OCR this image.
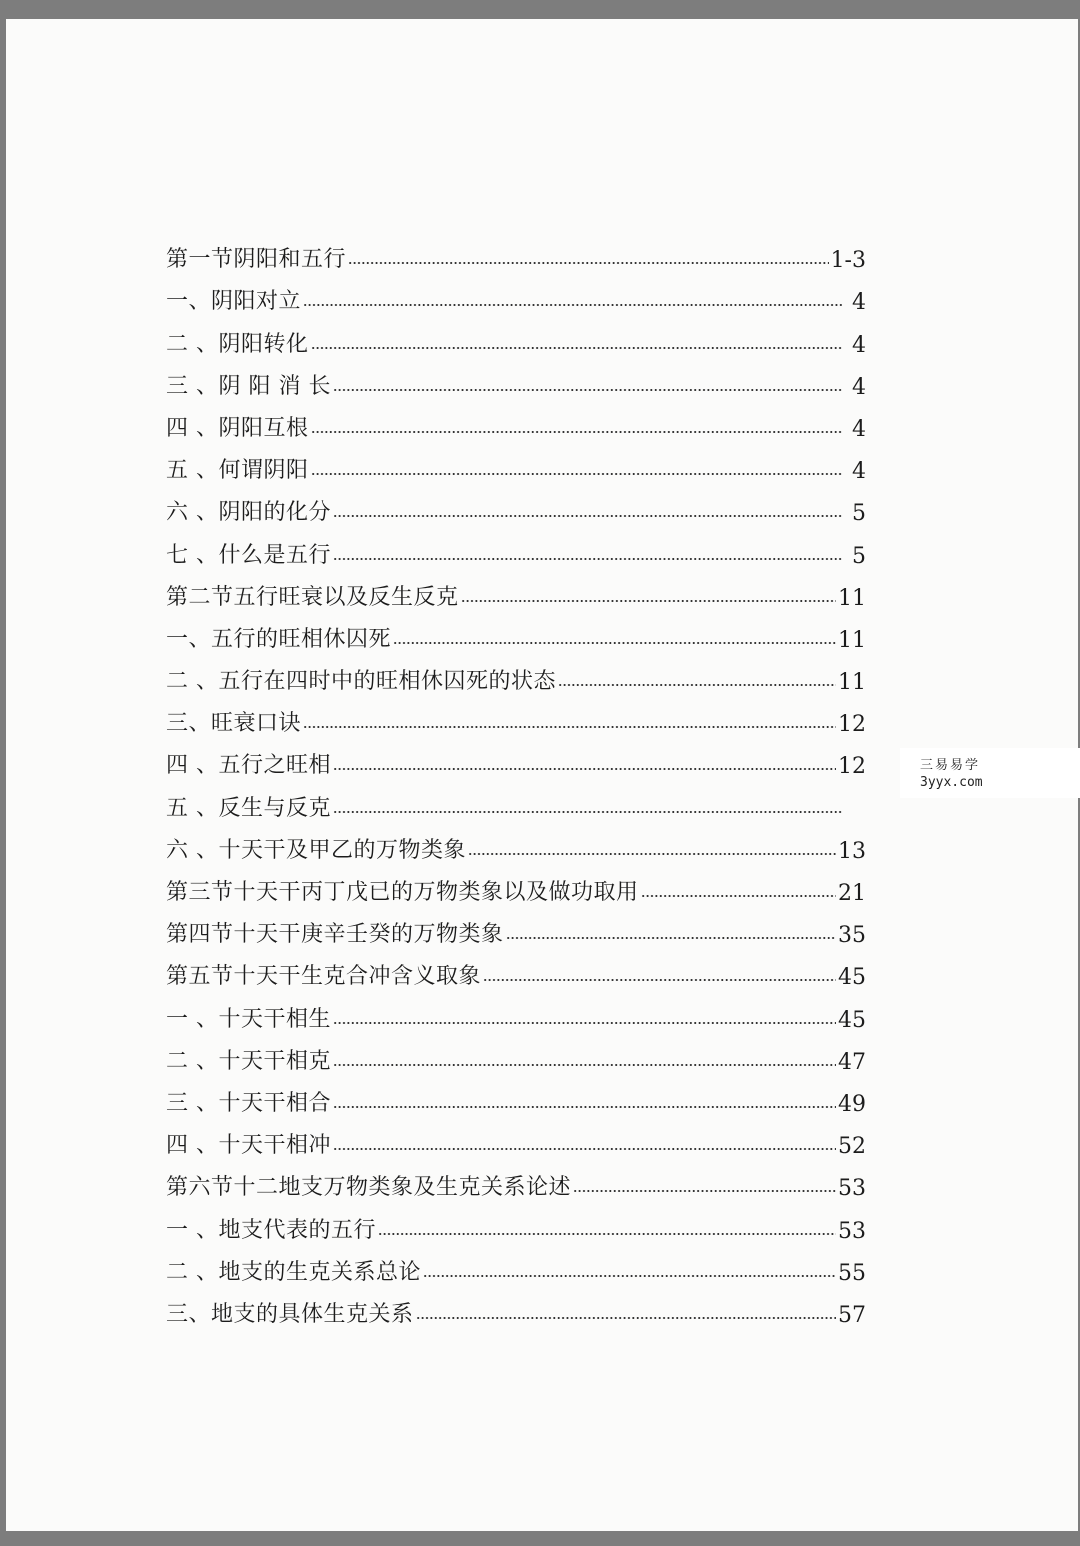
第一节阴阳和五行	1-3
一、阴阳对立	4
二 、阴阳转化	4
三 、阴 阳 消 长	4
四 、阴阳互根	4
五 、何谓阴阳	4
六 、阴阳的化分	5
七 、什么是五行	5
第二节五行旺衰以及反生反克	11
一、五行的旺相休囚死	11
二 、五行在四时中的旺相休囚死的状态	11
三、旺衰口诀	12
四 、五行之旺相	12
五 、反生与反克
六 、十天干及甲乙的万物类象	13
第三节十天干丙丁戊已的万物类象以及做功取用	21
第四节十天干庚辛壬癸的万物类象	35
第五节十天干生克合冲含义取象	45
一 、十天干相生	45
二 、十天干相克	47
三 、十天干相合	49
四 、十天干相冲	52
第六节十二地支万物类象及生克关系论述	53
一 、地支代表的五行	53
二 、地支的生克关系总论	55
三、地支的具体生克关系	57
三易易学
3yyx.com
